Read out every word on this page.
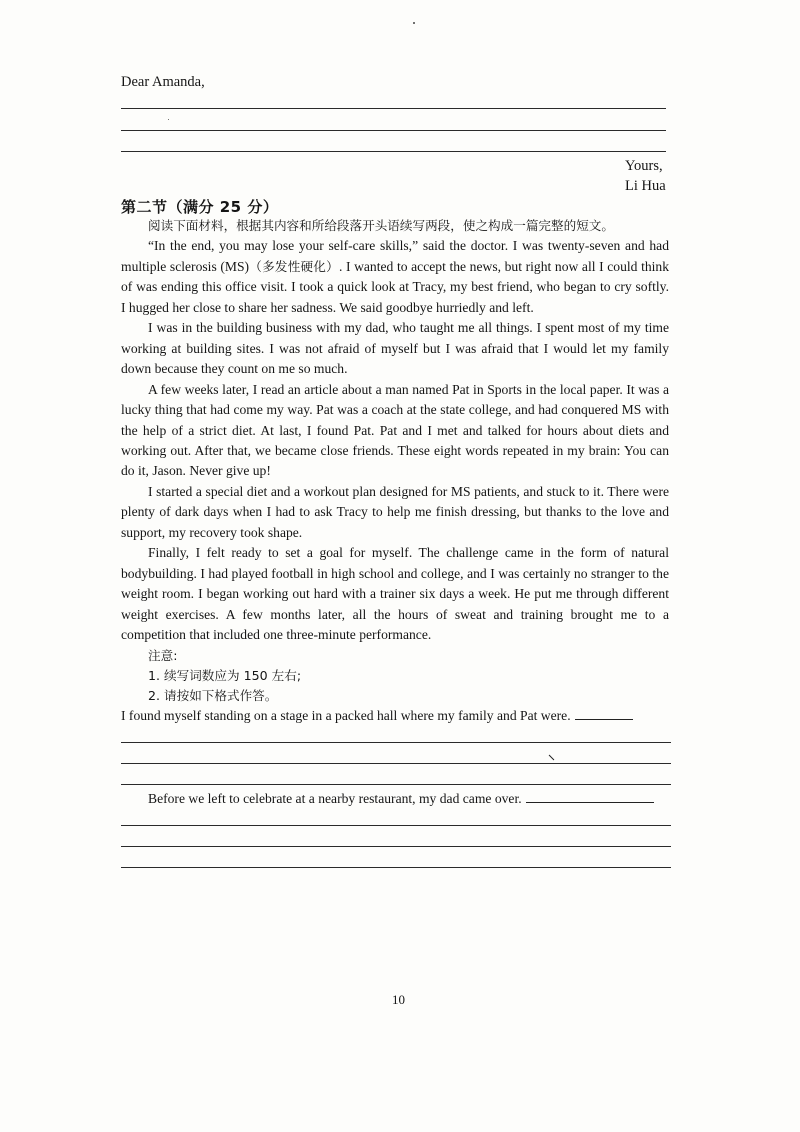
Dear Amanda,
Yours,
Li Hua
第二节（满分 25 分）

阅读下面材料，根据其内容和所给段落开头语续写两段，使之构成一篇完整的短文。

“In the end, you may lose your self-care skills,” said the doctor. I was twenty-seven and had multiple sclerosis (MS)（多发性硬化）. I wanted to accept the news, but right now all I could think of was ending this office visit. I took a quick look at Tracy, my best friend, who began to cry softly. I hugged her close to share her sadness. We said goodbye hurriedly and left.

I was in the building business with my dad, who taught me all things. I spent most of my time working at building sites. I was not afraid of myself but I was afraid that I would let my family down because they count on me so much.

A few weeks later, I read an article about a man named Pat in Sports in the local paper. It was a lucky thing that had come my way. Pat was a coach at the state college, and had conquered MS with the help of a strict diet. At last, I found Pat. Pat and I met and talked for hours about diets and working out. After that, we became close friends. These eight words repeated in my brain: You can do it, Jason. Never give up!

I started a special diet and a workout plan designed for MS patients, and stuck to it. There were plenty of dark days when I had to ask Tracy to help me finish dressing, but thanks to the love and support, my recovery took shape.

Finally, I felt ready to set a goal for myself. The challenge came in the form of natural bodybuilding. I had played football in high school and college, and I was certainly no stranger to the weight room. I began working out hard with a trainer six days a week. He put me through different weight exercises. A few months later, all the hours of sweat and training brought me to a competition that included one three-minute performance.

注意:

1. 续写词数应为 150 左右;

2. 请按如下格式作答。

I found myself standing on a stage in a packed hall where my family and Pat were.
Before we left to celebrate at a nearby restaurant, my dad came over.
10
